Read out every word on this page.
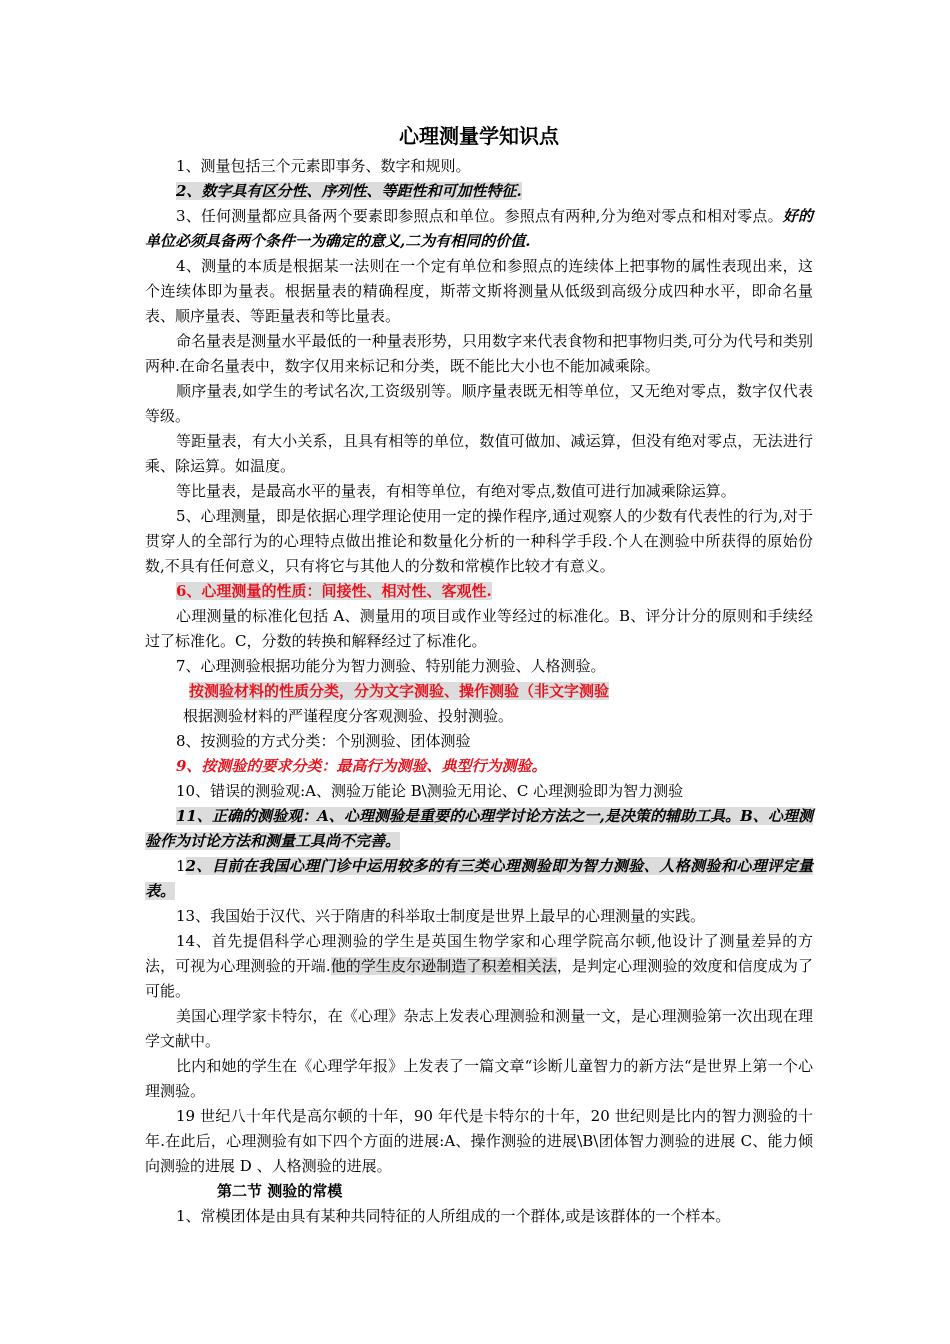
心理测量学知识点

1、测量包括三个元素即事务、数字和规则。

2、数字具有区分性、序列性、等距性和可加性特征.

3、任何测量都应具备两个要素即参照点和单位。参照点有两种,分为绝对零点和相对零点。好的单位必须具备两个条件一为确定的意义,二为有相同的价值.

4、测量的本质是根据某一法则在一个定有单位和参照点的连续体上把事物的属性表现出来，这个连续体即为量表。根据量表的精确程度，斯蒂文斯将测量从低级到高级分成四种水平，即命名量表、顺序量表、等距量表和等比量表。

命名量表是测量水平最低的一种量表形势，只用数字来代表食物和把事物归类,可分为代号和类别两种.在命名量表中，数字仅用来标记和分类，既不能比大小也不能加减乘除。

顺序量表,如学生的考试名次,工资级别等。顺序量表既无相等单位，又无绝对零点，数字仅代表等级。

等距量表，有大小关系，且具有相等的单位，数值可做加、减运算，但没有绝对零点，无法进行乘、除运算。如温度。

等比量表，是最高水平的量表，有相等单位，有绝对零点,数值可进行加减乘除运算。

5、心理测量，即是依据心理学理论使用一定的操作程序,通过观察人的少数有代表性的行为,对于贯穿人的全部行为的心理特点做出推论和数量化分析的一种科学手段.个人在测验中所获得的原始份数,不具有任何意义，只有将它与其他人的分数和常模作比较才有意义。

6、心理测量的性质：间接性、相对性、客观性.

心理测量的标准化包括 A、测量用的项目或作业等经过的标准化。B、评分计分的原则和手续经过了标准化。C，分数的转换和解释经过了标准化。

7、心理测验根据功能分为智力测验、特别能力测验、人格测验。

按测验材料的性质分类，分为文字测验、操作测验（非文字测验

根据测验材料的严谨程度分客观测验、投射测验。

8、按测验的方式分类：个别测验、团体测验

9、按测验的要求分类：最高行为测验、典型行为测验。

10、错误的测验观:A、测验万能论 B\测验无用论、C 心理测验即为智力测验

11、正确的测验观：A、心理测验是重要的心理学讨论方法之一,是决策的辅助工具。B、心理测验作为讨论方法和测量工具尚不完善。

12、目前在我国心理门诊中运用较多的有三类心理测验即为智力测验、人格测验和心理评定量表。

13、我国始于汉代、兴于隋唐的科举取士制度是世界上最早的心理测量的实践。

14、首先提倡科学心理测验的学生是英国生物学家和心理学院高尔顿,他设计了测量差异的方法，可视为心理测验的开端.他的学生皮尔逊制造了积差相关法，是判定心理测验的效度和信度成为了可能。

美国心理学家卡特尔，在《心理》杂志上发表心理测验和测量一文，是心理测验第一次出现在理学文献中。

比内和她的学生在《心理学年报》上发表了一篇文章“诊断儿童智力的新方法“是世界上第一个心理测验。

19 世纪八十年代是高尔顿的十年，90 年代是卡特尔的十年，20 世纪则是比内的智力测验的十年.在此后，心理测验有如下四个方面的进展:A、操作测验的进展\B\团体智力测验的进展 C、能力倾向测验的进展 D 、人格测验的进展。

第二节 测验的常模

1、常模团体是由具有某种共同特征的人所组成的一个群体,或是该群体的一个样本。
